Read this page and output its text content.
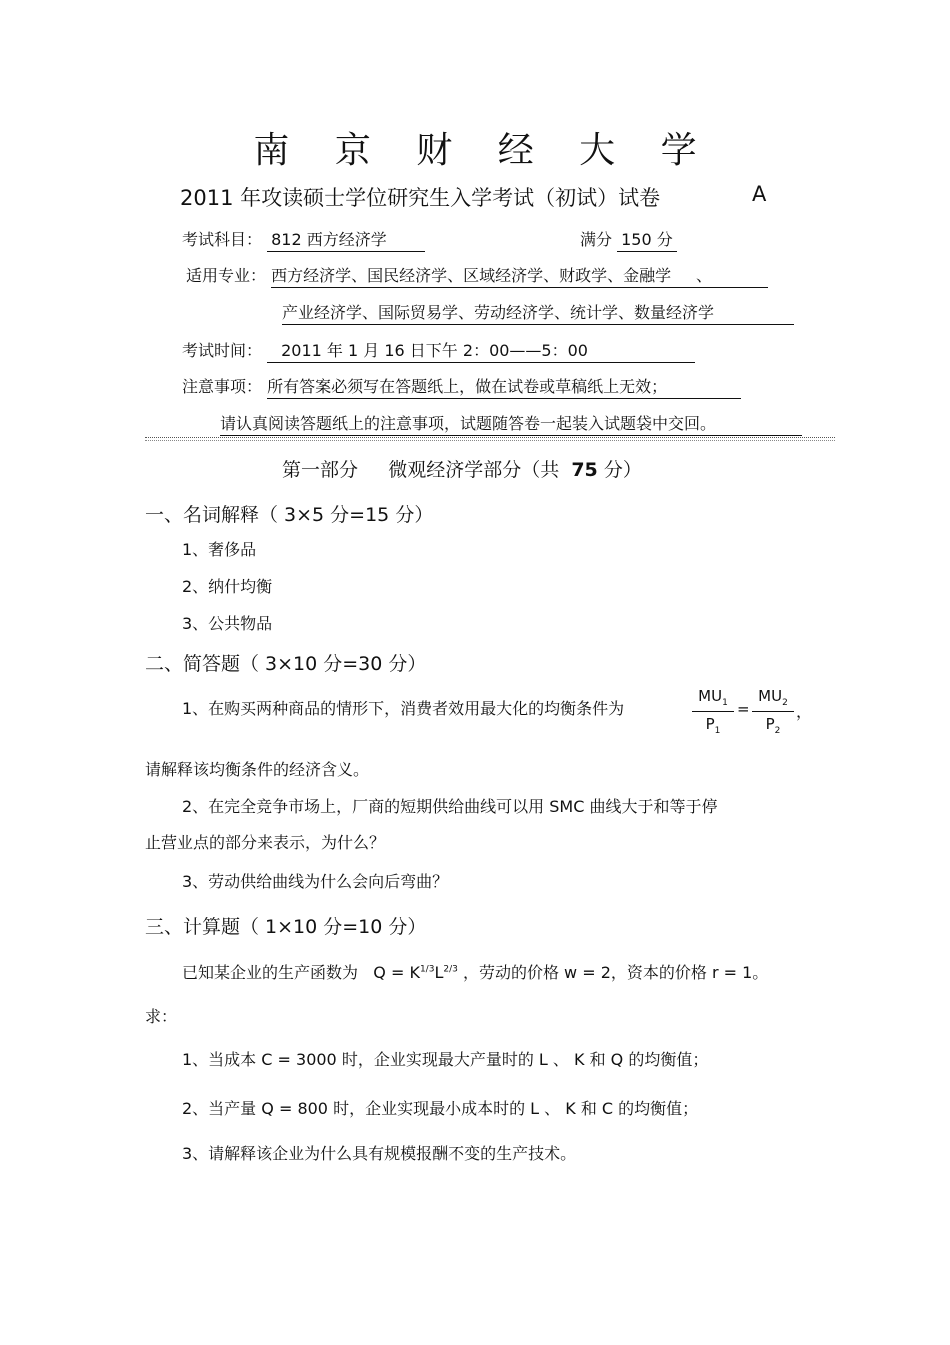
南 京 财 经 大 学
2011 年攻读硕士学位研究生入学考试（初试）试卷	A
考试科目： 812 西方经济学	满分 150 分
适用专业： 西方经济学、国民经济学、区域经济学、财政学、金融学 、
产业经济学、国际贸易学、劳动经济学、统计学、数量经济学
考试时间： 2011 年 1 月 16 日下午 2：00——5：00
注意事项： 所有答案必须写在答题纸上，做在试卷或草稿纸上无效；
请认真阅读答题纸上的注意事项，试题随答卷一起装入试题袋中交回。
第一部分 微观经济学部分（共 75 分）
一、名词解释（ 3×5 分=15 分）
1、奢侈品
2、纳什均衡
3、公共物品
二、简答题（ 3×10 分=30 分）
1、在购买两种商品的情形下，消费者效用最大化的均衡条件为	$\frac{MU_1}{P_1} = \frac{MU_2}{P_2}$ ，
请解释该均衡条件的经济含义。
2、在完全竞争市场上，厂商的短期供给曲线可以用 SMC 曲线大于和等于停
止营业点的部分来表示，为什么？
3、劳动供给曲线为什么会向后弯曲？
三、计算题（ 1×10 分=10 分）
已知某企业的生产函数为 $Q = K^{1/3}L^{2/3}$ ，劳动的价格 w = 2，资本的价格 r = 1。
求：
1、当成本 C = 3000 时，企业实现最大产量时的 L 、 K 和 Q 的均衡值；
2、当产量 Q = 800 时，企业实现最小成本时的 L 、 K 和 C 的均衡值；
3、请解释该企业为什么具有规模报酬不变的生产技术。
